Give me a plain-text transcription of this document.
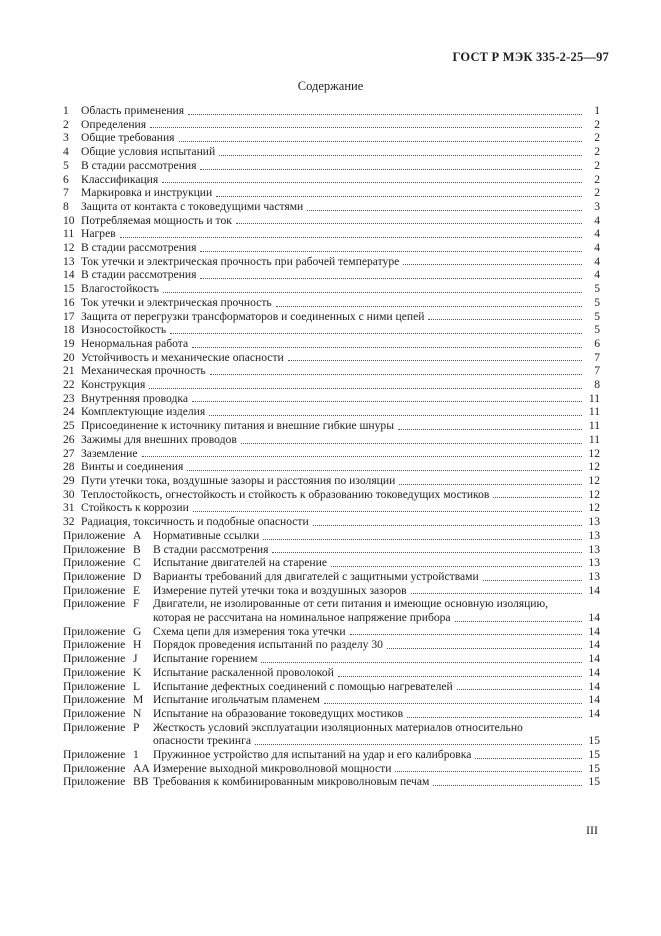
ГОСТ Р МЭК 335-2-25—97
Содержание
1	Область применения	1
2	Определения	2
3	Общие требования	2
4	Общие условия испытаний	2
5	В стадии рассмотрения	2
6	Классификация	2
7	Маркировка и инструкции	2
8	Защита от контакта с токоведущими частями	3
10 Потребляемая мощность и ток	4
11 Нагрев	4
12 В стадии рассмотрения	4
13 Ток утечки и электрическая прочность при рабочей температуре	4
14 В стадии рассмотрения	4
15 Влагостойкость	5
16 Ток утечки и электрическая прочность	5
17 Защита от перегрузки трансформаторов и соединенных с ними цепей	5
18 Износостойкость	5
19 Ненормальная работа	6
20 Устойчивость и механические опасности	7
21 Механическая прочность	7
22 Конструкция	8
23 Внутренняя проводка	11
24 Комплектующие изделия	11
25 Присоединение к источнику питания и внешние гибкие шнуры	11
26 Зажимы для внешних проводов	11
27 Заземление	12
28 Винты и соединения	12
29 Пути утечки тока, воздушные зазоры и расстояния по изоляции	12
30 Теплостойкость, огнестойкость и стойкость к образованию токоведущих мостиков	12
31 Стойкость к коррозии	12
32 Радиация, токсичность и подобные опасности	13
Приложение A	Нормативные ссылки	13
Приложение B	В стадии рассмотрения	13
Приложение C	Испытание двигателей на старение	13
Приложение D	Варианты требований для двигателей с защитными устройствами	13
Приложение E	Измерение путей утечки тока и воздушных зазоров	14
Приложение F	Двигатели, не изолированные от сети питания и имеющие основную изоляцию,
которая не рассчитана на номинальное напряжение прибора	14
Приложение G	Схема цепи для измерения тока утечки	14
Приложение H	Порядок проведения испытаний по разделу 30	14
Приложение J	Испытание горением	14
Приложение K	Испытание раскаленной проволокой	14
Приложение L	Испытание дефектных соединений с помощью нагревателей	14
Приложение M Испытание игольчатым пламенем	14
Приложение N	Испытание на образование токоведущих мостиков	14
Приложение P	Жесткость условий эксплуатации изоляционных материалов относительно
опасности трекинга	15
Приложение 1	Пружинное устройство для испытаний на удар и его калибровка	15
Приложение AA Измерение выходной микроволновой мощности	15
Приложение BB Требования к комбинированным микроволновым печам	15
III
